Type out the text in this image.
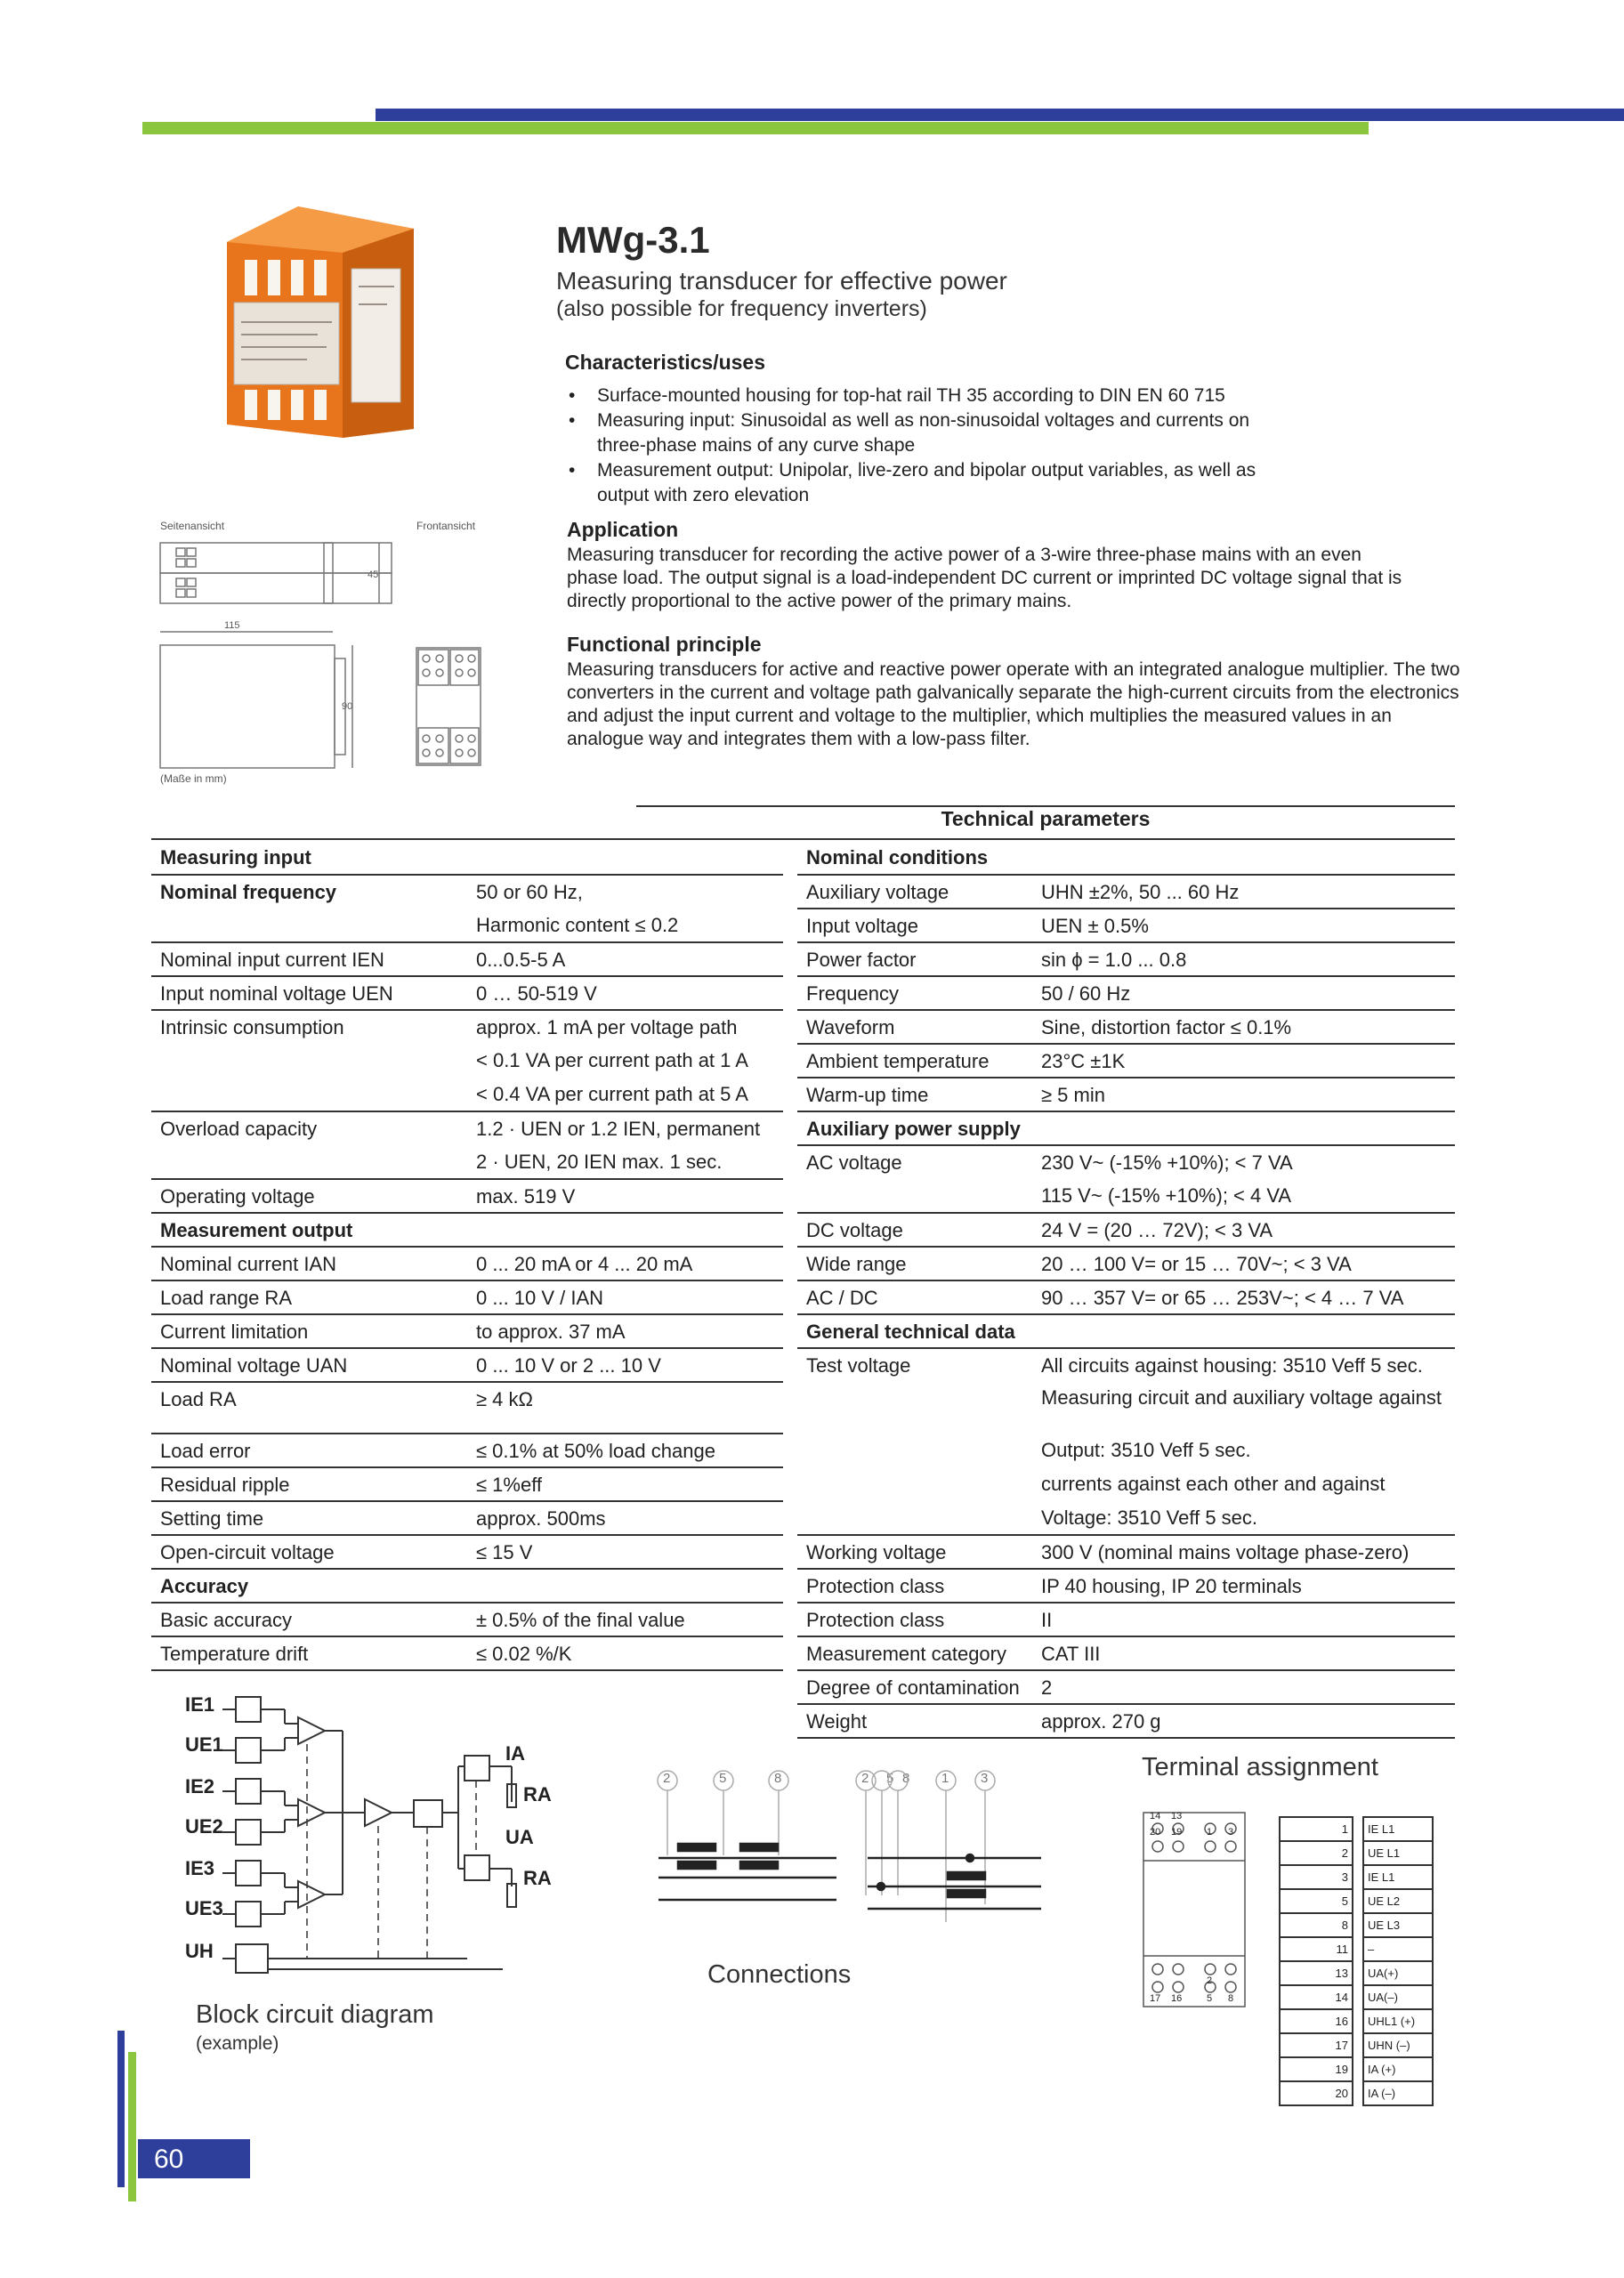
MWg-3.1
Measuring transducer for effective power
(also possible for frequency inverters)
Characteristics/uses
• Surface-mounted housing for top-hat rail TH 35 according to DIN EN 60 715
• Measuring input: Sinusoidal as well as non-sinusoidal voltages and currents on three-phase mains of any curve shape
• Measurement output: Unipolar, live-zero and bipolar output variables, as well as output with zero elevation
Application
Measuring transducer for recording the active power of a 3-wire three-phase mains with an even phase load. The output signal is a load-independent DC current or imprinted DC voltage signal that is directly proportional to the active power of the primary mains.
Functional principle
Measuring transducers for active and reactive power operate with an integrated analogue multiplier. The two converters in the current and voltage path galvanically separate the high-current circuits from the electronics and adjust the input current and voltage to the multiplier, which multiplies the measured values in an analogue way and integrates them with a low-pass filter.
Seitenansicht	Frontansicht
115
45
90
(Maße in mm)
Technical parameters
Measuring input	
Nominal frequency	50 or 60 Hz,
	Harmonic content ≤ 0.2
Nominal input current IEN	0...0.5-5 A
Input nominal voltage UEN	0 … 50-519 V
Intrinsic consumption	approx. 1 mA per voltage path
	< 0.1 VA per current path at 1 A
	< 0.4 VA per current path at 5 A
Overload capacity	1.2 · UEN or 1.2 IEN, permanent
	2 · UEN, 20 IEN max. 1 sec.
Operating voltage	max. 519 V
Measurement output	
Nominal current IAN	0 ... 20 mA or 4 ... 20 mA
Load range RA	0 ... 10 V / IAN
Current limitation	to approx. 37 mA
Nominal voltage UAN	0 ... 10 V or 2 ... 10 V
Load RA	≥ 4 kΩ
Load error	≤ 0.1% at 50% load change
Residual ripple	≤ 1%eff
Setting time	approx. 500ms
Open-circuit voltage	≤ 15 V
Accuracy	
Basic accuracy	± 0.5% of the final value
Temperature drift	≤ 0.02 %/K
Nominal conditions	
Auxiliary voltage	UHN ±2%, 50 ... 60 Hz
Input voltage	UEN ± 0.5%
Power factor	sin ϕ = 1.0 ... 0.8
Frequency	50 / 60 Hz
Waveform	Sine, distortion factor ≤ 0.1%
Ambient temperature	23°C ±1K
Warm-up time	≥ 5 min
Auxiliary power supply	
AC voltage	230 V~ (-15% +10%); < 7 VA
	115 V~ (-15% +10%); < 4 VA
DC voltage	24 V = (20 … 72V); < 3 VA
Wide range	20 … 100 V= or 15 … 70V~; < 3 VA
AC / DC	90 … 357 V= or 65 … 253V~; < 4 … 7 VA
General technical data	
Test voltage	All circuits against housing: 3510 Veff 5 sec.
	Measuring circuit and auxiliary voltage against
	Output: 3510 Veff 5 sec.
	currents against each other and against
	Voltage: 3510 Veff 5 sec.
Working voltage	300 V (nominal mains voltage phase-zero)
Protection class	IP 40 housing, IP 20 terminals
Protection class	II
Measurement category	CAT III
Degree of contamination	2
Weight	approx. 270 g
IE1
UE1
IE2
UE2
IE3
UE3
UH
IA
RA
UA
RA
Block circuit diagram
(example)
2	5	8	2 5 8 1 3
Connections
Terminal assignment
14 13
20 19	1 3
17 16
2
5 8
1		IE L1
2		UE L1
3		IE L1
5		UE L2
8		UE L3
11		–
13		UA(+)
14		UA(–)
16		UHL1 (+)
17		UHN (–)
19		IA (+)
20		IA (–)
60
